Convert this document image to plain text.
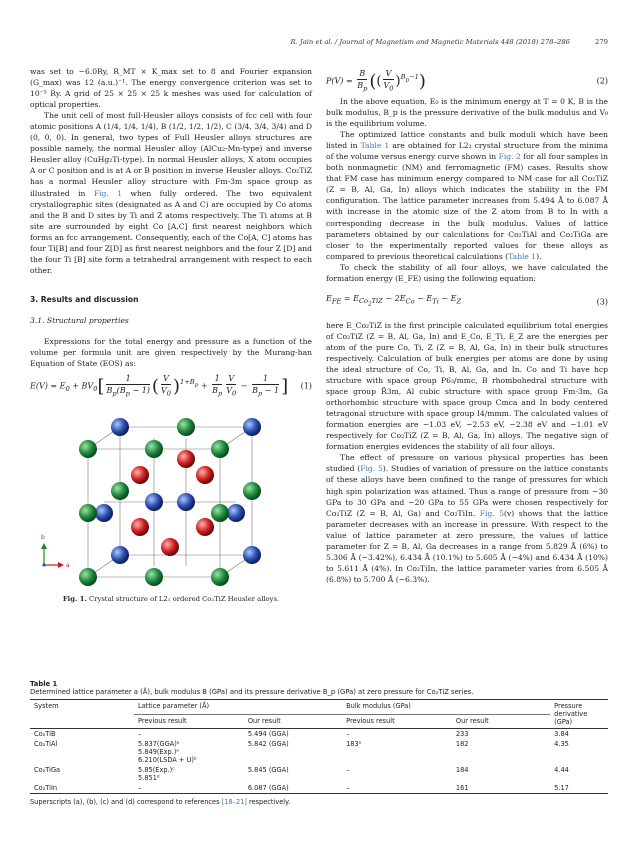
R. Jain et al. / Journal of Magnetism and Magnetic Materials 448 (2018) 278–286	279

was set to −6.0Ry, R_MT × K_max set to 8 and Fourier expansion (G_max) was 12 (a.u.)⁻¹. The energy convergence criterion was set to 10⁻⁵ Ry. A grid of 25 × 25 × 25 k meshes was used for calculation of optical properties.

The unit cell of most full-Heusler alloys consists of fcc cell with four atomic positions A (1/4, 1/4, 1/4), B (1/2, 1/2, 1/2), C (3/4, 3/4, 3/4) and D (0, 0, 0). In general, two types of Full Heusler alloys structures are possible namely, the normal Heusler alloy (AlCu₂-Mn-type) and inverse Heusler alloy (CuHg₂Ti-type). In normal Heusler alloys, X atom occupies A or C position and is at A or B position in inverse Heusler alloys. Co₂TiZ has a normal Heusler alloy structure with Fm-3m space group as illustrated in Fig. 1 when fully ordered. The two equivalent crystallographic sites (designated as A and C) are occupied by Co atoms and the B and D sites by Ti and Z atoms respectively. The Ti atoms at B site are surrounded by eight Co [A,C] first nearest neighbors which forms an fcc arrangement. Consequently, each of the Co[A, C] atoms has four Ti[B] and four Z[D] as first nearest neighbors and the four Z [D] and the four Ti [B] site form a tetrahedral arrangement with respect to each other.

3. Results and discussion
3.1. Structural properties

Expressions for the total energy and pressure as a function of the volume per formula unit are given respectively by the Murang-han Equation of State (EOS) as:

$E(V) = E_0 + BV_0[ \frac{1}{B_p(B_p - 1)}$ ( $\frac{V}{V_0} )^{1+B_p} + \frac{1}{B_p} \frac{V}{V_0} - \frac{1}{B_p - 1}$ ] (1)
b
a
Fig. 1. Crystal structure of L2₁ ordered Co₂TiZ Heusler alloys.
$P(V) = \frac{B}{B_p}$ (( $\frac{V}{V_0} )^{B_p-1}$)	(2)

In the above equation, E₀ is the minimum energy at T = 0 K, B is the bulk modulus, B_p is the pressure derivative of the bulk modulus and V₀ is the equilibrium volume.

The optimized lattice constants and bulk moduli which have been listed in Table 1 are obtained for L2₁ crystal structure from the minima of the volume versus energy curve shown in Fig. 2 for all four samples in both nonmagnetic (NM) and ferromagnetic (FM) cases. Results show that FM case has minimum energy compared to NM case for all Co₂TiZ (Z = B, Al, Ga, In) alloys which indicates the stability in the FM configuration. The lattice parameter increases from 5.494 Å to 6.087 Å with increase in the atomic size of the Z atom from B to In with a corresponding decrease in the bulk modulus. Values of lattice parameters obtained by our calculations for Co₂TiAl and Co₂TiGa are closer to the experimentally reported values for these alloys as compared to previous theoretical calculations (Table 1).

To check the stability of all four alloys, we have calculated the formation energy (E_FE) using the following equation:

$E_{FE} = E_{Co_2TiZ} - 2E_{Co} - E_{Ti} - E_Z$	(3)

here E_Co₂TiZ is the first principle calculated equilibrium total energies of Co₂TiZ (Z = B, Al, Ga, In) and E_Co, E_Ti, E_Z are the energies per atom of the pure Co, Ti, Z (Z = B, Al, Ga, In) in their bulk structures respectively. Calculation of bulk energies per atoms are done by using the ideal structure of Co, Ti, B, Al, Ga, and In. Co and Ti have hcp structure with space group P6₃/mmc, B rhombohedral structure with space group R̄3m, Al cubic structure with space group Fm-3m, Ga orthorhombic structure with space group Cmca and In body centered tetragonal structure with space group I4/mmm. The calculated values of formation energies are −1.03 eV, −2.53 eV, −2.38 eV and −1.01 eV respectively for Co₂TiZ (Z = B, Al, Ga, In) alloys. The negative sign of formation energies evidences the stability of all four alloys.

The effect of pressure on various physical properties has been studied (Fig. 5). Studies of variation of pressure on the lattice constants of these alloys have been confined to the range of pressures for which high spin polarization was attained. Thus a range of pressure from −30 GPa to 30 GPa and −20 GPa to 55 GPa were chosen respectively for Co₂TiZ (Z = B, Al, Ga) and Co₂TiIn. Fig. 5(v) shows that the lattice parameter decreases with an increase in pressure. With respect to the value of lattice parameter at zero pressure, the values of lattice parameter for Z = B, Al, Ga decreases in a range from 5.829 Å (6%) to 5.306 Å (−3.42%), 6.434 Å (10.1%) to 5.605 Å (−4%) and 6.434 Å (10%) to 5.611 Å (4%). In Co₂TiIn, the lattice parameter varies from 6.505 Å (6.8%) to 5.700 Å (−6.3%).

Table 1
Determined lattice parameter a (Å), bulk modulus B (GPa) and its pressure derivative B_p (GPa) at zero pressure for Co₂TiZ series.
System	Lattice parameter (Å)		Bulk modulus (GPa)		Pressure derivative (GPa)
	Previous result	Our result	Previous result	Our result	
Co₂TiB	–	5.494 (GGA)	–	233	3.84
Co₂TiAl	5.837(GGA)ᵃ
5.849(Exp.)ᵃ
6.210(LSDA + U)ᵇ	5.842 (GGA)	183ᵃ	182	4.35
Co₂TiGa	5.85(Exp.)ᶜ
5.851ᵈ	5.845 (GGA)	–	184	4.44
Co₂TiIn	–	6.087 (GGA)	–	161	5.17
Superscripts (a), (b), (c) and (d) correspond to references [18–21] respectively.
